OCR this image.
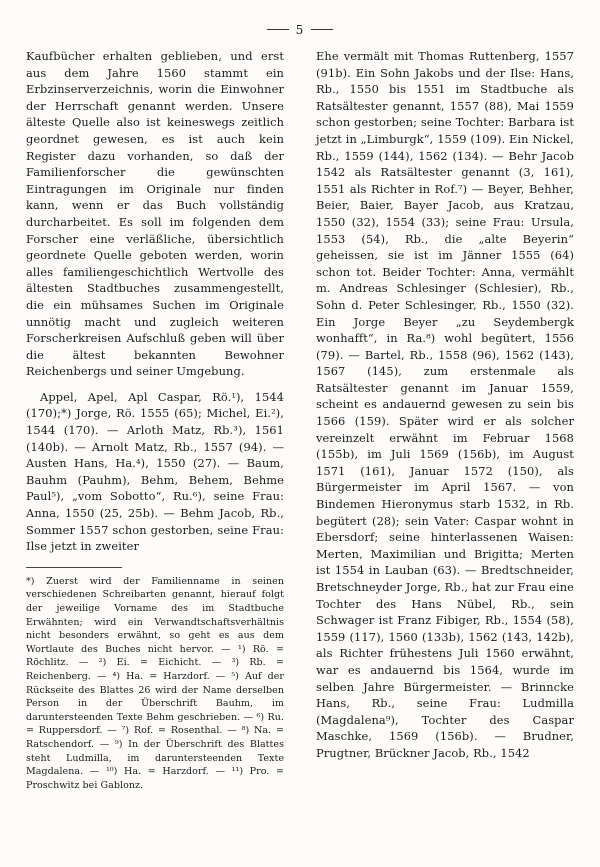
5

Kaufbücher erhalten geblieben, und erst aus dem Jahre 1560 stammt ein Erbzinserverzeichnis, worin die Einwohner der Herrschaft genannt werden. Unsere älteste Quelle also ist keineswegs zeitlich geordnet gewesen, es ist auch kein Register dazu vorhanden, so daß der Familienforscher die gewünschten Eintragungen im Originale nur finden kann, wenn er das Buch vollständig durcharbeitet. Es soll im folgenden dem Forscher eine verläßliche, übersichtlich geordnete Quelle geboten werden, worin alles familiengeschichtlich Wertvolle des ältesten Stadtbuches zusammengestellt, die ein mühsames Suchen im Originale unnötig macht und zugleich weiteren Forscherkreisen Aufschluß geben will über die ältest bekannten Bewohner Reichenbergs und seiner Umgebung.

Appel, Apel, Apl Caspar, Rö.¹), 1544 (170);*) Jorge, Rö. 1555 (65); Michel, Ei.²), 1544 (170). — Arloth Matz, Rb.³), 1561 (140b). — Arnolt Matz, Rb., 1557 (94). — Austen Hans, Ha.⁴), 1550 (27). — Baum, Bauhm (Pauhm), Behm, Behem, Behme Paul⁵), „vom Sobotto“, Ru.⁶), seine Frau: Anna, 1550 (25, 25b). — Behm Jacob, Rb., Sommer 1557 schon gestorben, seine Frau: Ilse jetzt in zweiter

*) Zuerst wird der Familienname in seinen verschiedenen Schreibarten genannt, hierauf folgt der jeweilige Vorname des im Stadtbuche Erwähnten; wird ein Verwandtschaftsverhältnis nicht besonders erwähnt, so geht es aus dem Wortlaute des Buches nicht hervor. — ¹) Rö. = Röchlitz. — ²) Ei. = Eichicht. — ³) Rb. = Reichenberg. — ⁴) Ha. = Harzdorf. — ⁵) Auf der Rückseite des Blattes 26 wird der Name derselben Person in der Überschrift Bauhm, im daruntersteenden Texte Behm geschrieben. — ⁶) Ru. = Ruppersdorf. — ⁷) Rof. = Rosenthal. — ⁸) Na. = Ratschendorf. — ⁹) In der Überschrift des Blattes steht Ludmilla, im daruntersteenden Texte Magdalena. — ¹⁰) Ha. = Harzdorf. — ¹¹) Pro. = Proschwitz bei Gablonz.

Ehe vermält mit Thomas Ruttenberg, 1557 (91b). Ein Sohn Jakobs und der Ilse: Hans, Rb., 1550 bis 1551 im Stadtbuche als Ratsältester genannt, 1557 (88), Mai 1559 schon gestorben; seine Tochter: Barbara ist jetzt in „Limburgk“, 1559 (109). Ein Nickel, Rb., 1559 (144), 1562 (134). — Behr Jacob 1542 als Ratsältester genannt (3, 161), 1551 als Richter in Rof.⁷) — Beyer, Behher, Beier, Baier, Bayer Jacob, aus Kratzau, 1550 (32), 1554 (33); seine Frau: Ursula, 1553 (54), Rb., die „alte Beyerin“ geheissen, sie ist im Jänner 1555 (64) schon tot. Beider Tochter: Anna, vermählt m. Andreas Schlesinger (Schlesier), Rb., Sohn d. Peter Schlesinger, Rb., 1550 (32). Ein Jorge Beyer „zu Seydembergk wonhafft“, in Ra.⁸) wohl begütert, 1556 (79). — Bartel, Rb., 1558 (96), 1562 (143), 1567 (145), zum erstenmale als Ratsältester genannt im Januar 1559, scheint es andauernd gewesen zu sein bis 1566 (159). Später wird er als solcher vereinzelt erwähnt im Februar 1568 (155b), im Juli 1569 (156b), im August 1571 (161), Januar 1572 (150), als Bürgermeister im April 1567. — von Bindemen Hieronymus starb 1532, in Rb. begütert (28); sein Vater: Caspar wohnt in Ebersdorf; seine hinterlassenen Waisen: Merten, Maximilian und Brigitta; Merten ist 1554 in Lauban (63). — Bredtschneider, Bretschneyder Jorge, Rb., hat zur Frau eine Tochter des Hans Nübel, Rb., sein Schwager ist Franz Fibiger, Rb., 1554 (58), 1559 (117), 1560 (133b), 1562 (143, 142b), als Richter frühestens Juli 1560 erwähnt, war es andauernd bis 1564, wurde im selben Jahre Bürgermeister. — Brinncke Hans, Rb., seine Frau: Ludmilla (Magdalena⁹), Tochter des Caspar Maschke, 1569 (156b). — Brudner, Prugtner, Brückner Jacob, Rb., 1542
